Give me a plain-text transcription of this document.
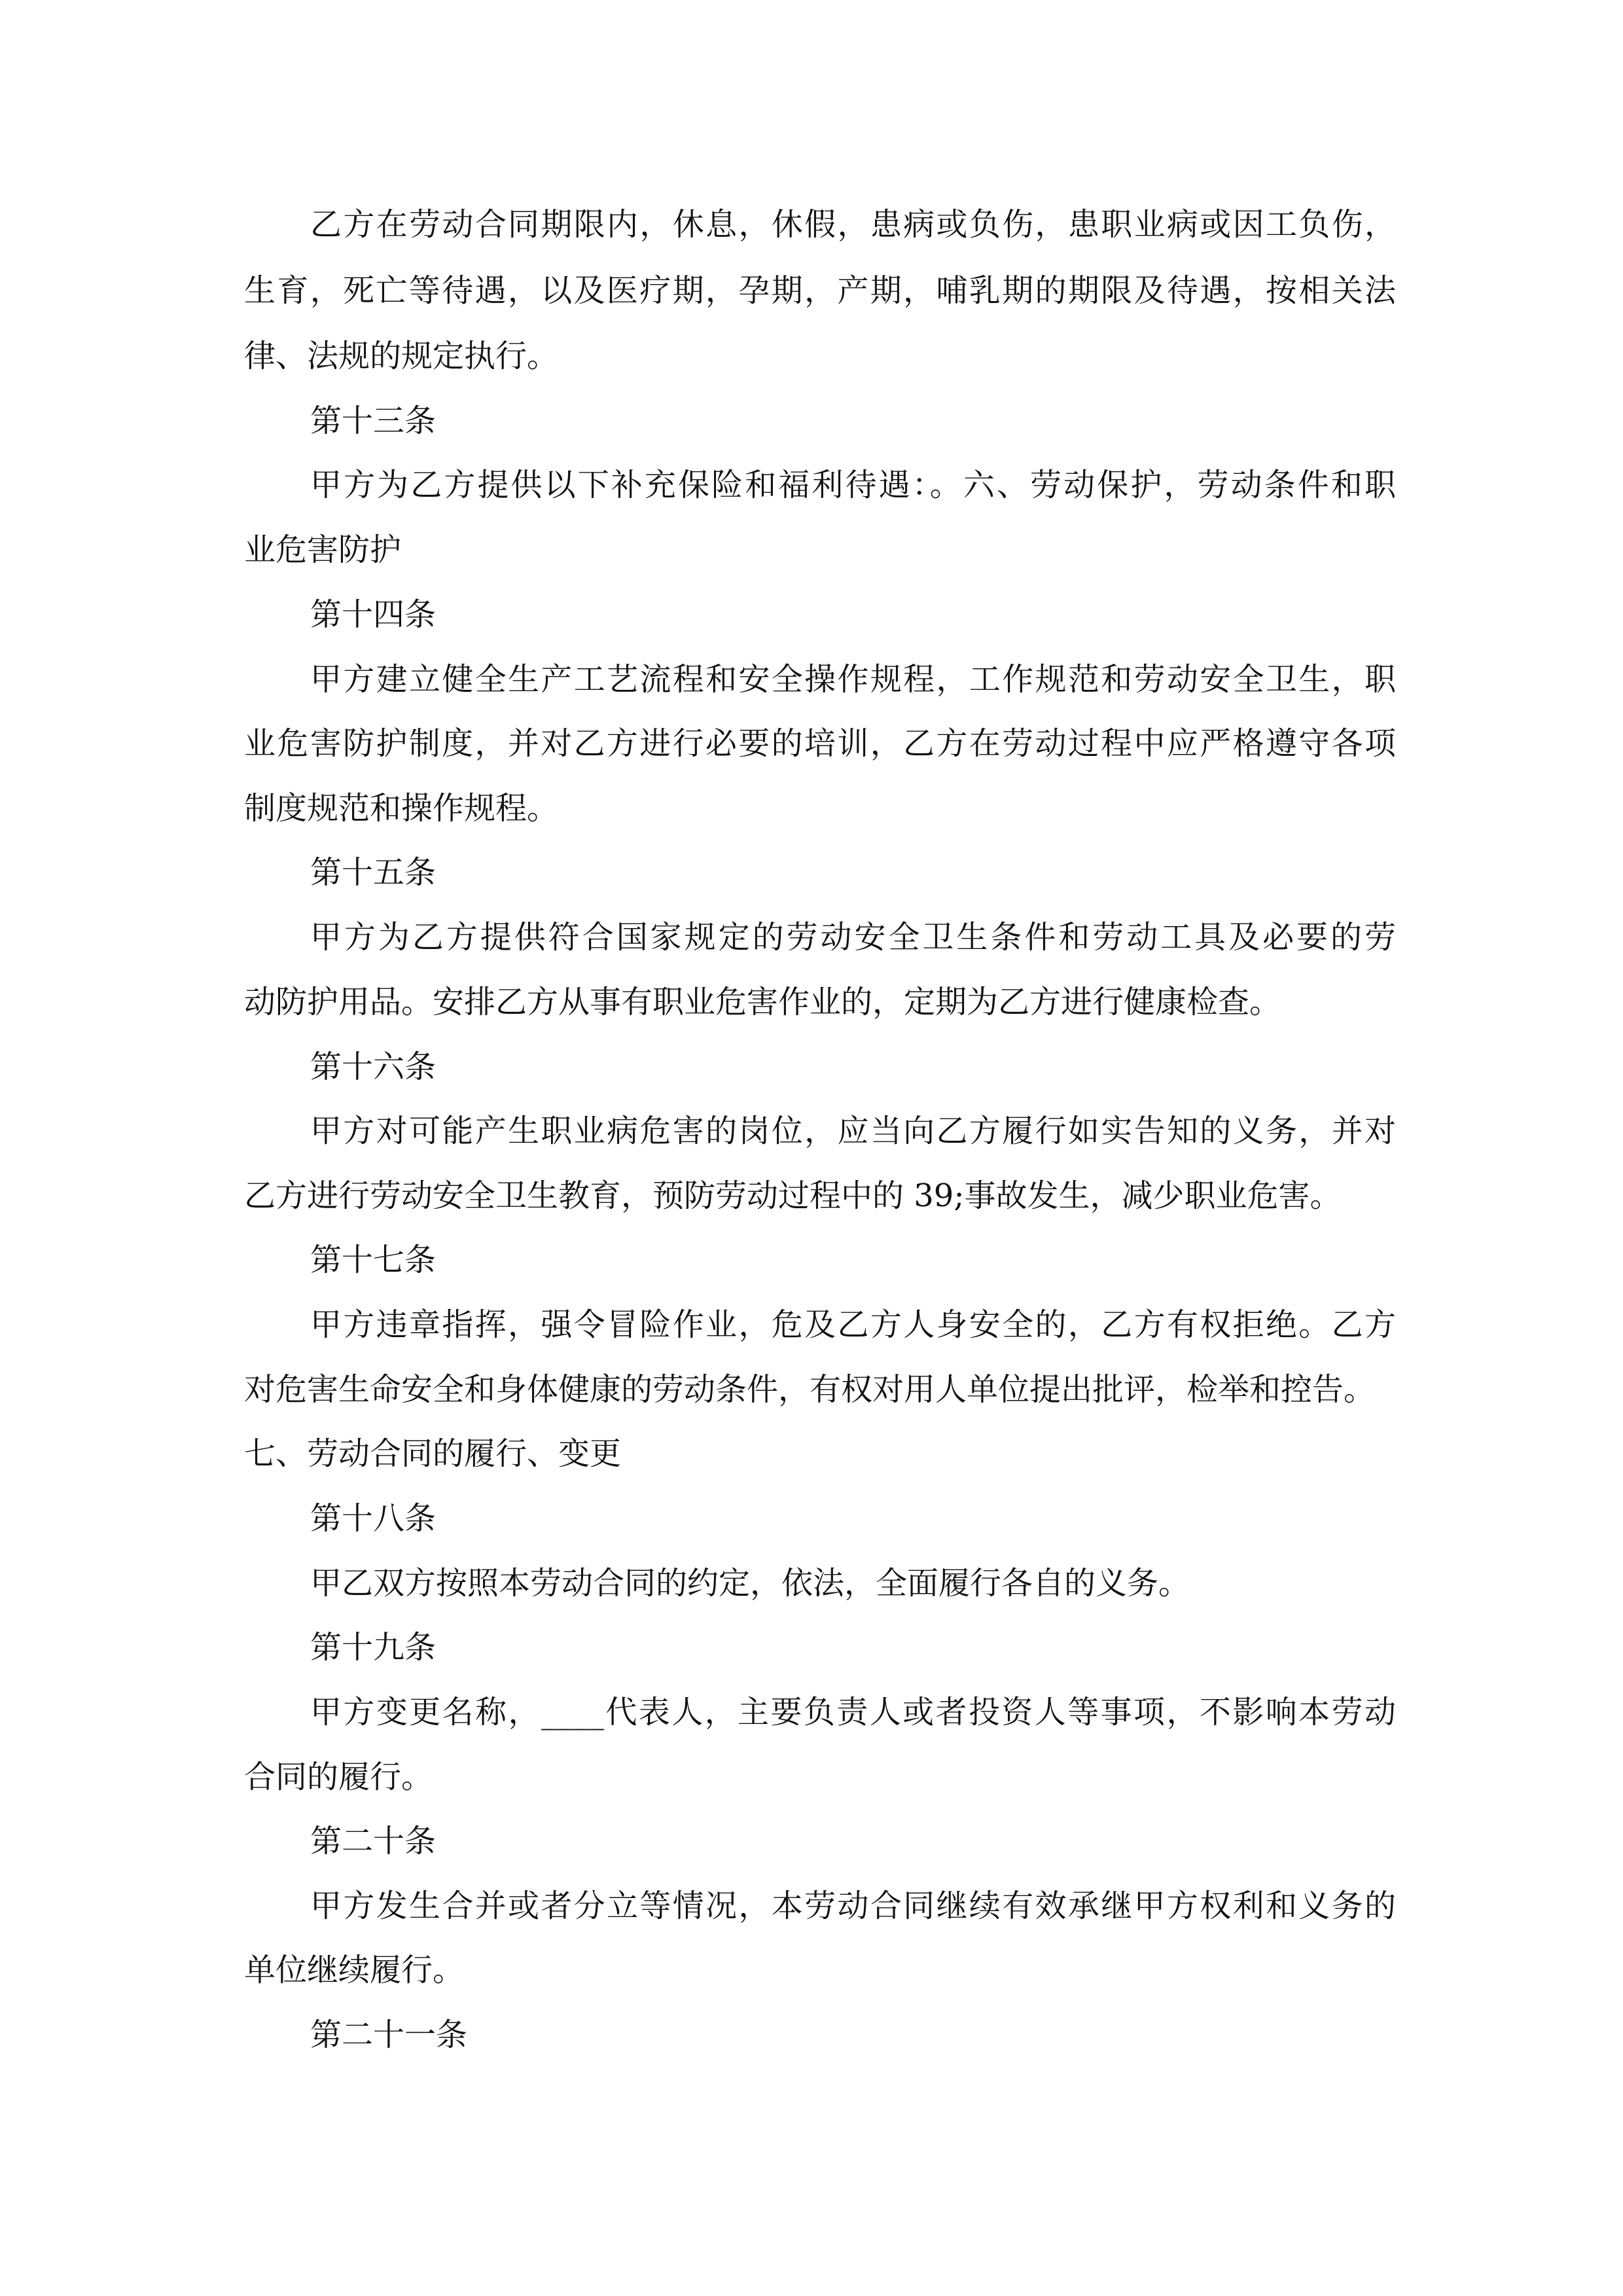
乙方在劳动合同期限内，休息，休假，患病或负伤，患职业病或因工负伤，
生育，死亡等待遇，以及医疗期，孕期，产期，哺乳期的期限及待遇，按相关法
律、法规的规定执行。
第十三条
甲方为乙方提供以下补充保险和福利待遇：。六、劳动保护，劳动条件和职
业危害防护
第十四条
甲方建立健全生产工艺流程和安全操作规程，工作规范和劳动安全卫生，职
业危害防护制度，并对乙方进行必要的培训，乙方在劳动过程中应严格遵守各项
制度规范和操作规程。
第十五条
甲方为乙方提供符合国家规定的劳动安全卫生条件和劳动工具及必要的劳
动防护用品。安排乙方从事有职业危害作业的，定期为乙方进行健康检查。
第十六条
甲方对可能产生职业病危害的岗位，应当向乙方履行如实告知的义务，并对
乙方进行劳动安全卫生教育，预防劳动过程中的 39;事故发生，减少职业危害。
第十七条
甲方违章指挥，强令冒险作业，危及乙方人身安全的，乙方有权拒绝。乙方
对危害生命安全和身体健康的劳动条件，有权对用人单位提出批评，检举和控告。
七、劳动合同的履行、变更
第十八条
甲乙双方按照本劳动合同的约定，依法，全面履行各自的义务。
第十九条
甲方变更名称，____代表人，主要负责人或者投资人等事项，不影响本劳动
合同的履行。
第二十条
甲方发生合并或者分立等情况，本劳动合同继续有效承继甲方权利和义务的
单位继续履行。
第二十一条
